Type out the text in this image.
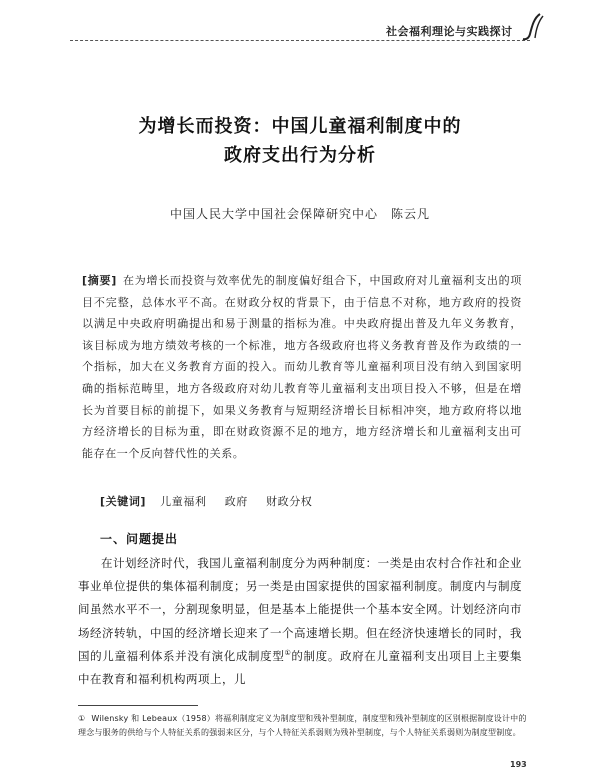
社会福利理论与实践探讨
为增长而投资：中国儿童福利制度中的
政府支出行为分析
中国人民大学中国社会保障研究中心　陈云凡
[摘要] 在为增长而投资与效率优先的制度偏好组合下，中国政府对儿童福利支出的项目不完整，总体水平不高。在财政分权的背景下，由于信息不对称，地方政府的投资以满足中央政府明确提出和易于测量的指标为准。中央政府提出普及九年义务教育，该目标成为地方绩效考核的一个标准，地方各级政府也将义务教育普及作为政绩的一个指标，加大在义务教育方面的投入。而幼儿教育等儿童福利项目没有纳入到国家明确的指标范畴里，地方各级政府对幼儿教育等儿童福利支出项目投入不够，但是在增长为首要目标的前提下，如果义务教育与短期经济增长目标相冲突，地方政府将以地方经济增长的目标为重，即在财政资源不足的地方，地方经济增长和儿童福利支出可能存在一个反向替代性的关系。
[关键词] 儿童福利 政府 财政分权
一、问题提出

在计划经济时代，我国儿童福利制度分为两种制度：一类是由农村合作社和企业事业单位提供的集体福利制度；另一类是由国家提供的国家福利制度。制度内与制度间虽然水平不一，分割现象明显，但是基本上能提供一个基本安全网。计划经济向市场经济转轨，中国的经济增长迎来了一个高速增长期。但在经济快速增长的同时，我国的儿童福利体系并没有演化成制度型①的制度。政府在儿童福利支出项目上主要集中在教育和福利机构两项上，儿

① Wilensky 和 Lebeaux（1958）将福利制度定义为制度型和残补型制度，制度型和残补型制度的区别根据制度设计中的理念与服务的供给与个人特征关系的强弱来区分，与个人特征关系弱则为残补型制度，与个人特征关系弱则为制度型制度。
193
